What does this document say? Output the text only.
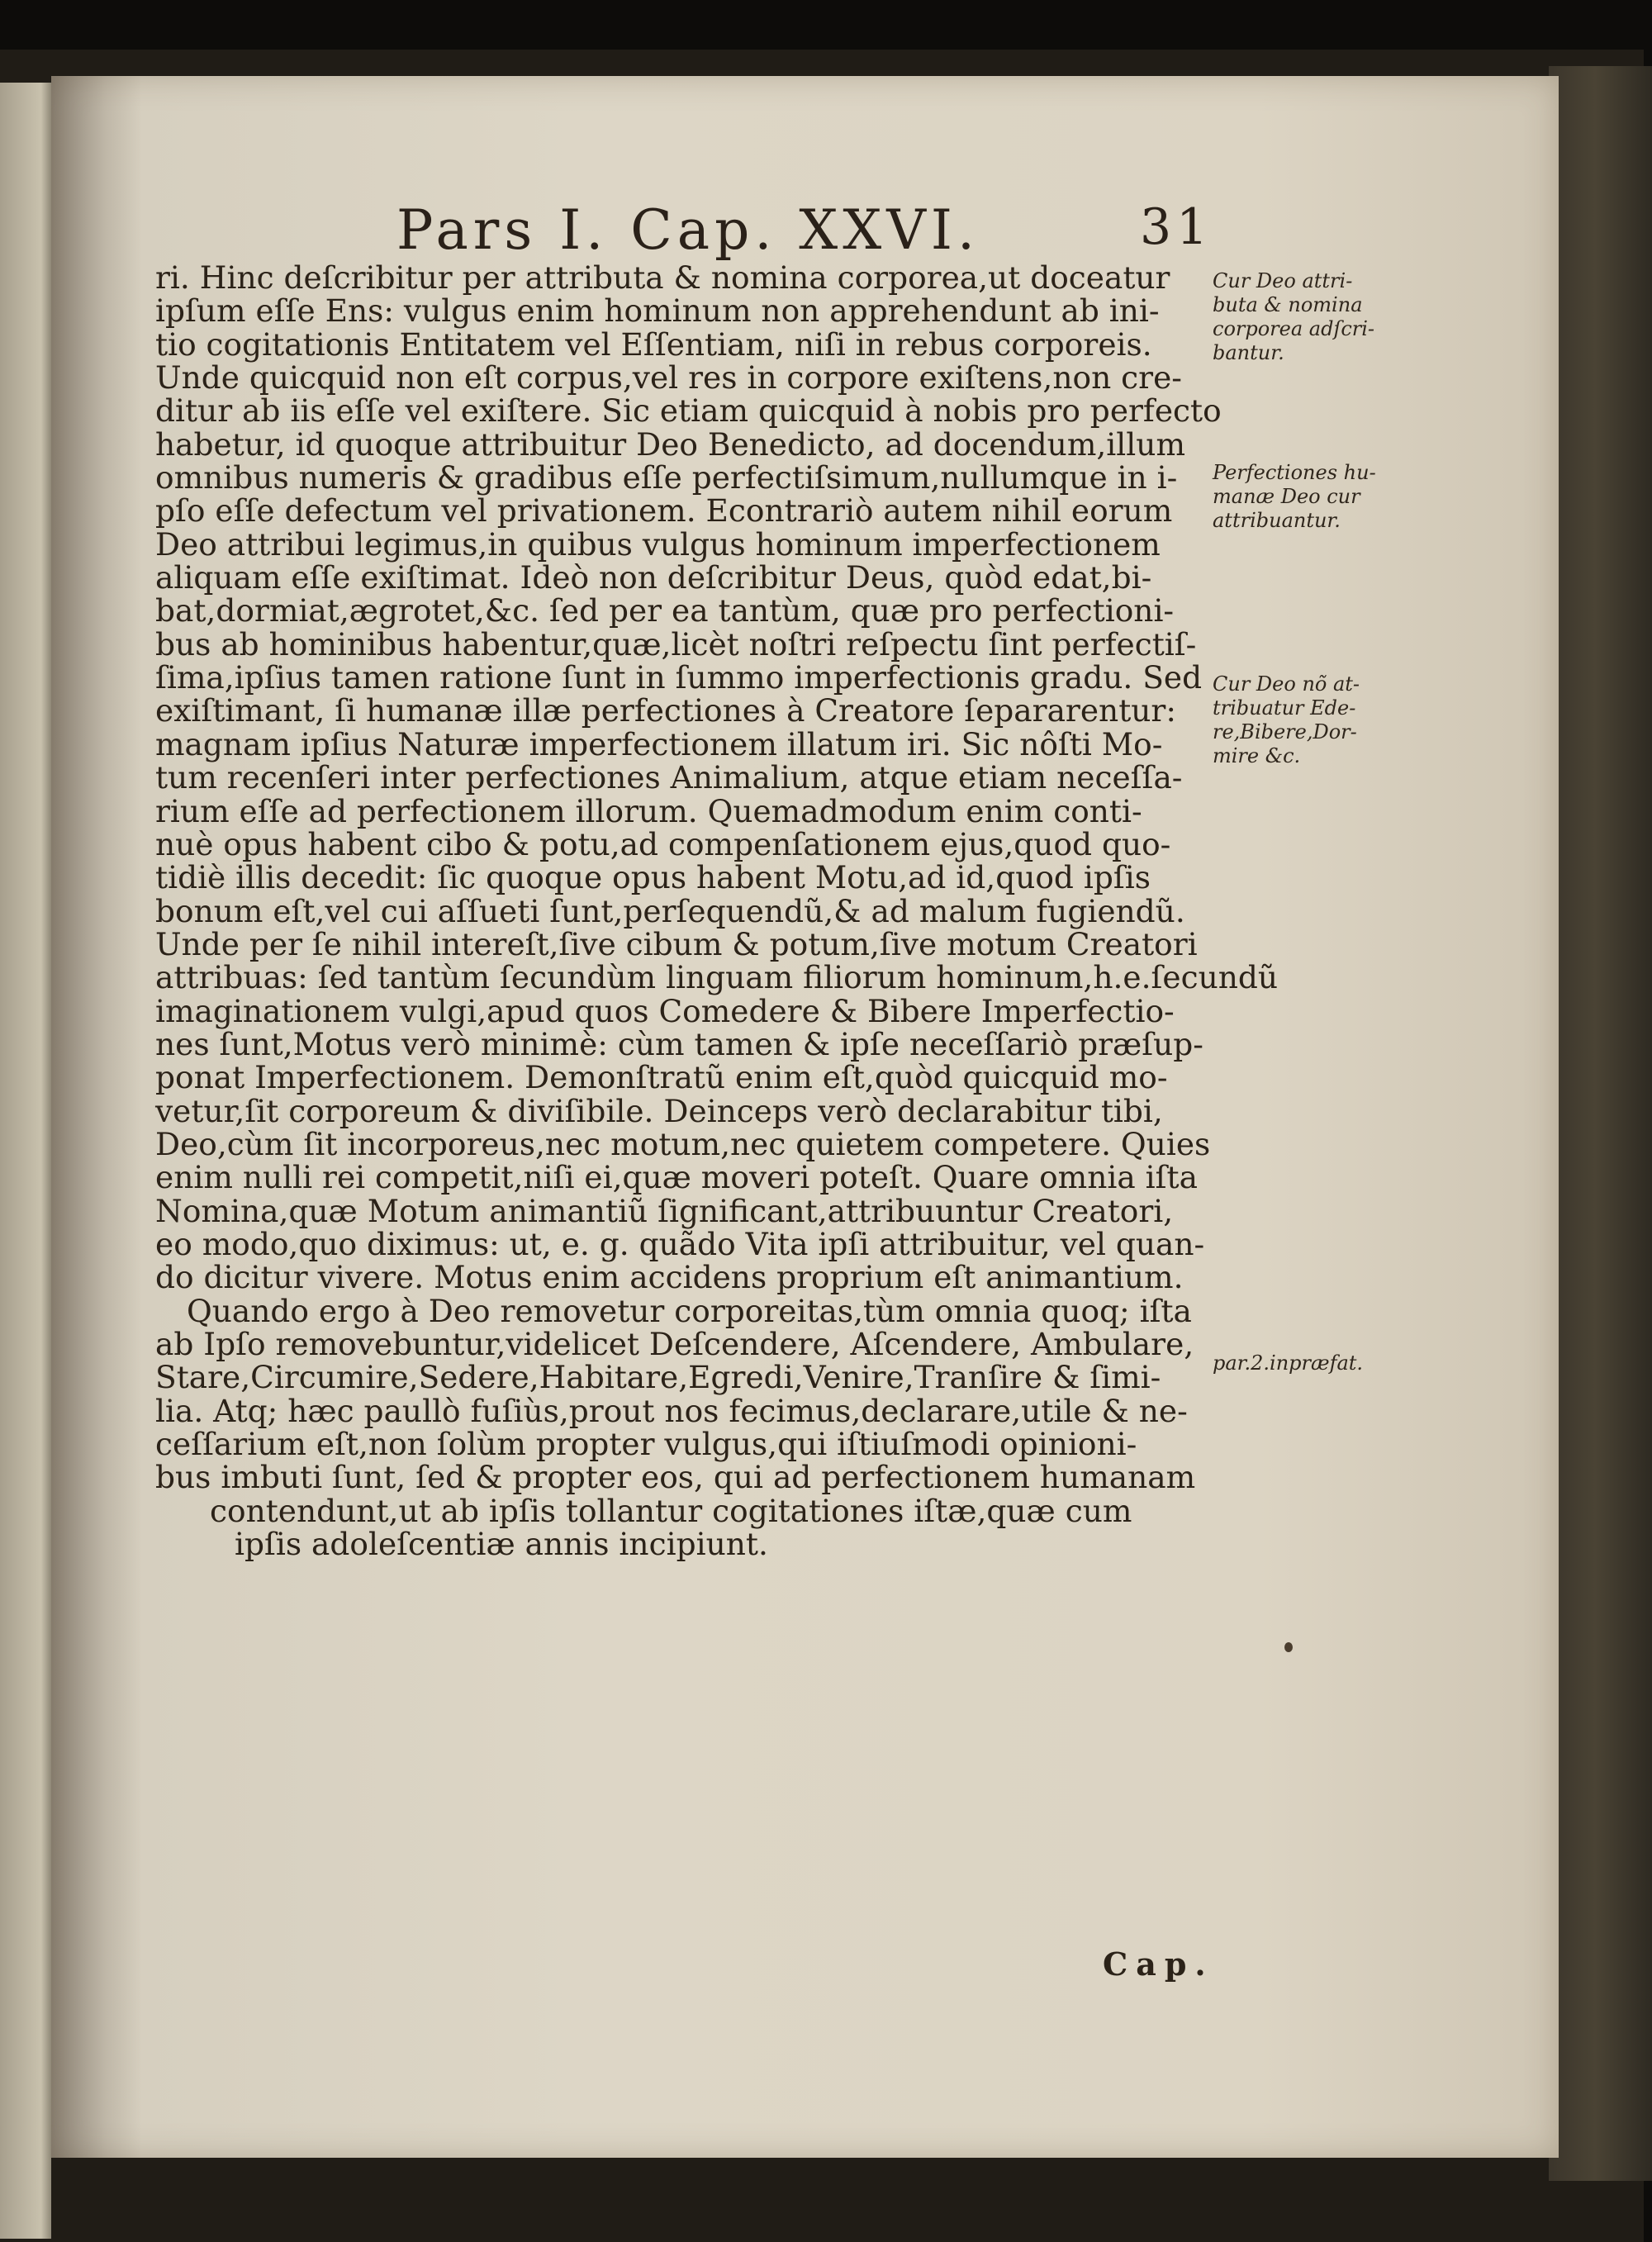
Pars I. Cap. XXVI.	31
ri. Hinc deſcribitur per attributa & nomina corporea,ut doceatur
ipſum eſſe Ens: vulgus enim hominum non apprehendunt ab ini-
tio cogitationis Entitatem vel Eſſentiam, niſi in rebus corporeis.
Unde quicquid non eſt corpus,vel res in corpore exiſtens,non cre-
ditur ab iis eſſe vel exiſtere. Sic etiam quicquid à nobis pro perfecto
habetur, id quoque attribuitur Deo Benedicto, ad docendum,illum
omnibus numeris & gradibus eſſe perfectiſsimum,nullumque in i-
pſo eſſe defectum vel privationem. Econtrariò autem nihil eorum
Deo attribui legimus,in quibus vulgus hominum imperfectionem
aliquam eſſe exiſtimat. Ideò non deſcribitur Deus, quòd edat,bi-
bat,dormiat,ægrotet,&c. ſed per ea tantùm, quæ pro perfectioni-
bus ab hominibus habentur,quæ,licèt noſtri reſpectu ſint perfectiſ-
ſima,ipſius tamen ratione ſunt in ſummo imperfectionis gradu. Sed
exiſtimant, ſi humanæ illæ perfectiones à Creatore ſepararentur:
magnam ipſius Naturæ imperfectionem illatum iri. Sic nôſti Mo-
tum recenſeri inter perfectiones Animalium, atque etiam neceſſa-
rium eſſe ad perfectionem illorum. Quemadmodum enim conti-
nuè opus habent cibo & potu,ad compenſationem ejus,quod quo-
tidiè illis decedit: ſic quoque opus habent Motu,ad id,quod ipſis
bonum eſt,vel cui aſſueti ſunt,perſequendũ,& ad malum fugiendũ.
Unde per ſe nihil intereſt,ſive cibum & potum,ſive motum Creatori
attribuas: ſed tantùm ſecundùm linguam filiorum hominum,h.e.ſecundũ
imaginationem vulgi,apud quos Comedere & Bibere Imperfectio-
nes ſunt,Motus verò minimè: cùm tamen & ipſe neceſſariò præſup-
ponat Imperfectionem. Demonſtratũ enim eſt,quòd quicquid mo-
vetur,ſit corporeum & diviſibile. Deinceps verò declarabitur tibi,
Deo,cùm ſit incorporeus,nec motum,nec quietem competere. Quies
enim nulli rei competit,niſi ei,quæ moveri poteſt. Quare omnia iſta
Nomina,quæ Motum animantiũ ſignificant,attribuuntur Creatori,
eo modo,quo diximus: ut, e. g. quãdo Vita ipſi attribuitur, vel quan-
do dicitur vivere. Motus enim accidens proprium eſt animantium.
Quando ergo à Deo removetur corporeitas,tùm omnia quoq; iſta
ab Ipſo removebuntur,videlicet Deſcendere, Aſcendere, Ambulare,
Stare,Circumire,Sedere,Habitare,Egredi,Venire,Tranſire & ſimi-
lia. Atq; hæc paullò fuſiùs,prout nos fecimus,declarare,utile & ne-
ceſſarium eſt,non ſolùm propter vulgus,qui iſtiuſmodi opinioni-
bus imbuti ſunt, ſed & propter eos, qui ad perfectionem humanam
contendunt,ut ab ipſis tollantur cogitationes iſtæ,quæ cum
ipſis adoleſcentiæ annis incipiunt.
Cap.
Cur Deo attri-
buta & nomina
corporea adſcri-
bantur.
Perfectiones hu-
manæ Deo cur
attribuantur.
Cur Deo nõ at-
tribuatur Ede-
re,Bibere,Dor-
mire &c.
par.2.inpræfat.
